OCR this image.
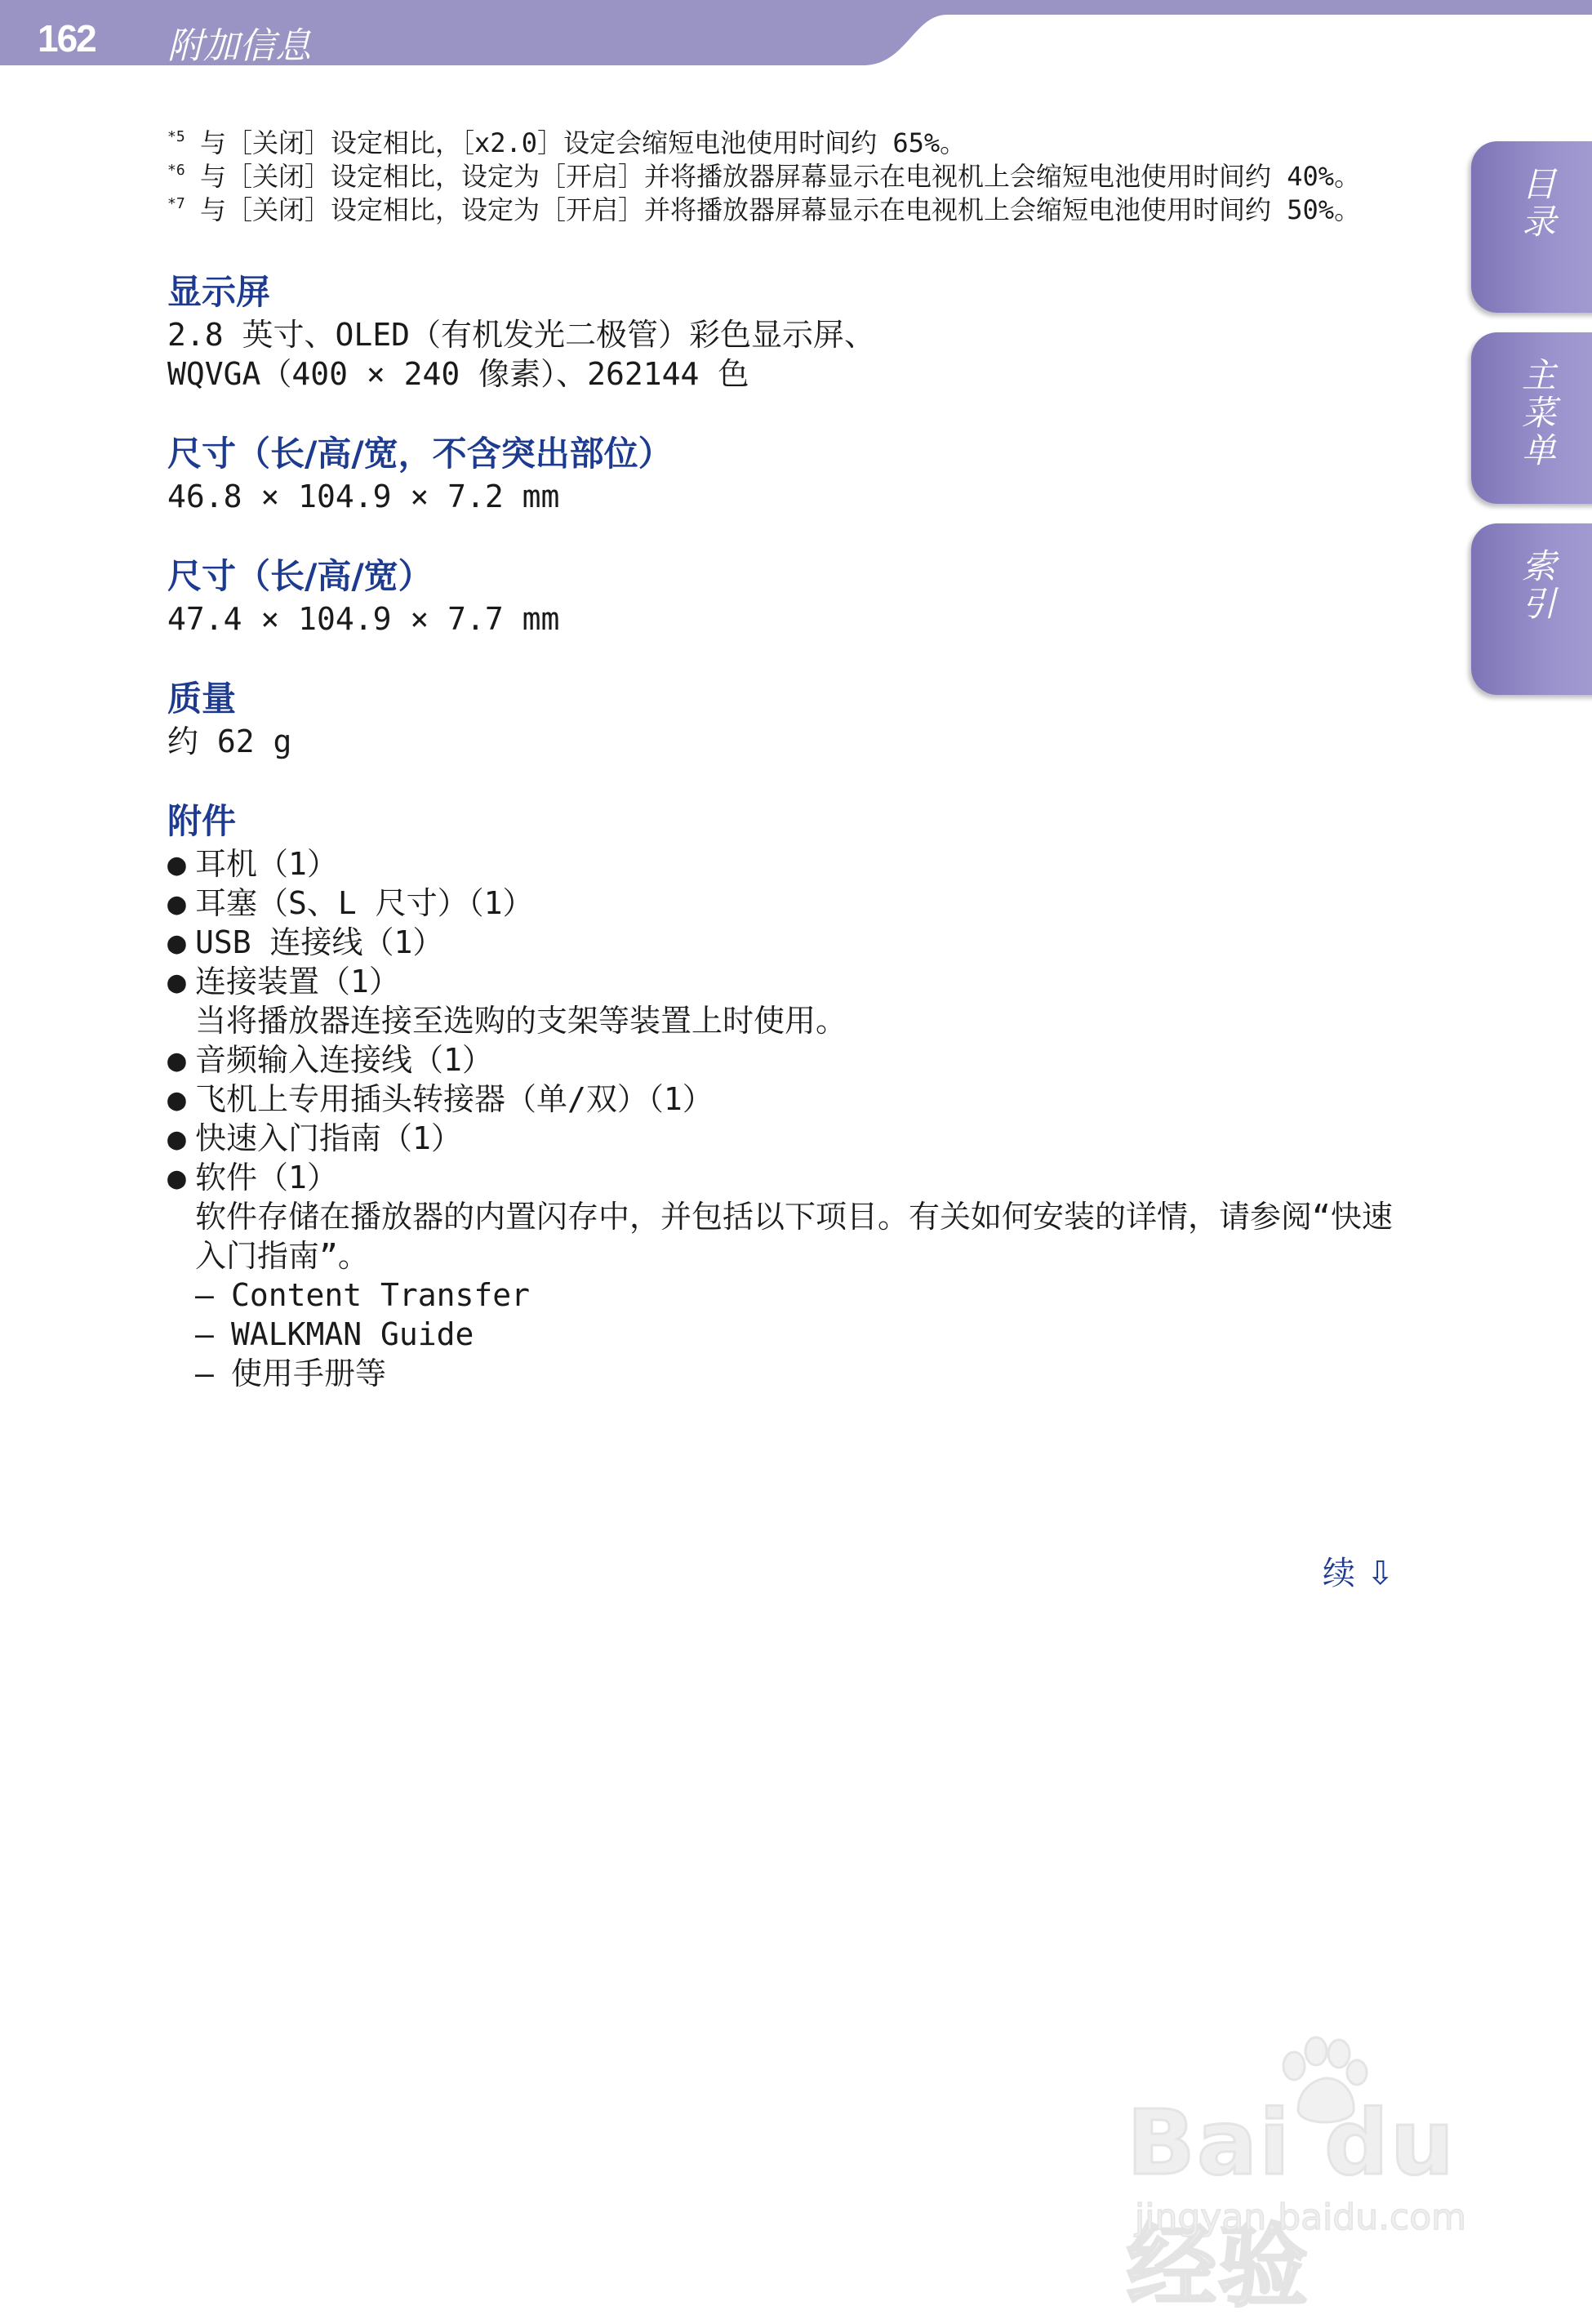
162 附加信息
目录
主菜单
索引
*5 与［关闭］设定相比，［x2.0］设定会缩短电池使用时间约 65%。
*6 与［关闭］设定相比，设定为［开启］并将播放器屏幕显示在电视机上会缩短电池使用时间约 40%。
*7 与［关闭］设定相比，设定为［开启］并将播放器屏幕显示在电视机上会缩短电池使用时间约 50%。
显示屏

2.8 英寸、OLED（有机发光二极管）彩色显示屏、

WQVGA（400 × 240 像素）、262144 色

尺寸（长/高/宽，不含突出部位）

46.8 × 104.9 × 7.2 mm

尺寸（长/高/宽）

47.4 × 104.9 × 7.7 mm

质量

约 62 g

附件
● 耳机（1）
● 耳塞（S、L 尺寸）（1）
● USB 连接线（1）
● 连接装置（1）
当将播放器连接至选购的支架等装置上时使用。
● 音频输入连接线（1）
● 飞机上专用插头转接器（单/双）（1）
● 快速入门指南（1）
● 软件（1）
软件存储在播放器的内置闪存中，并包括以下项目。有关如何安装的详情，请参阅“快速入门指南”。
– Content Transfer
– WALKMAN Guide
– 使用手册等
续 ⇩
Bai du 经验
jingyan.baidu.com
